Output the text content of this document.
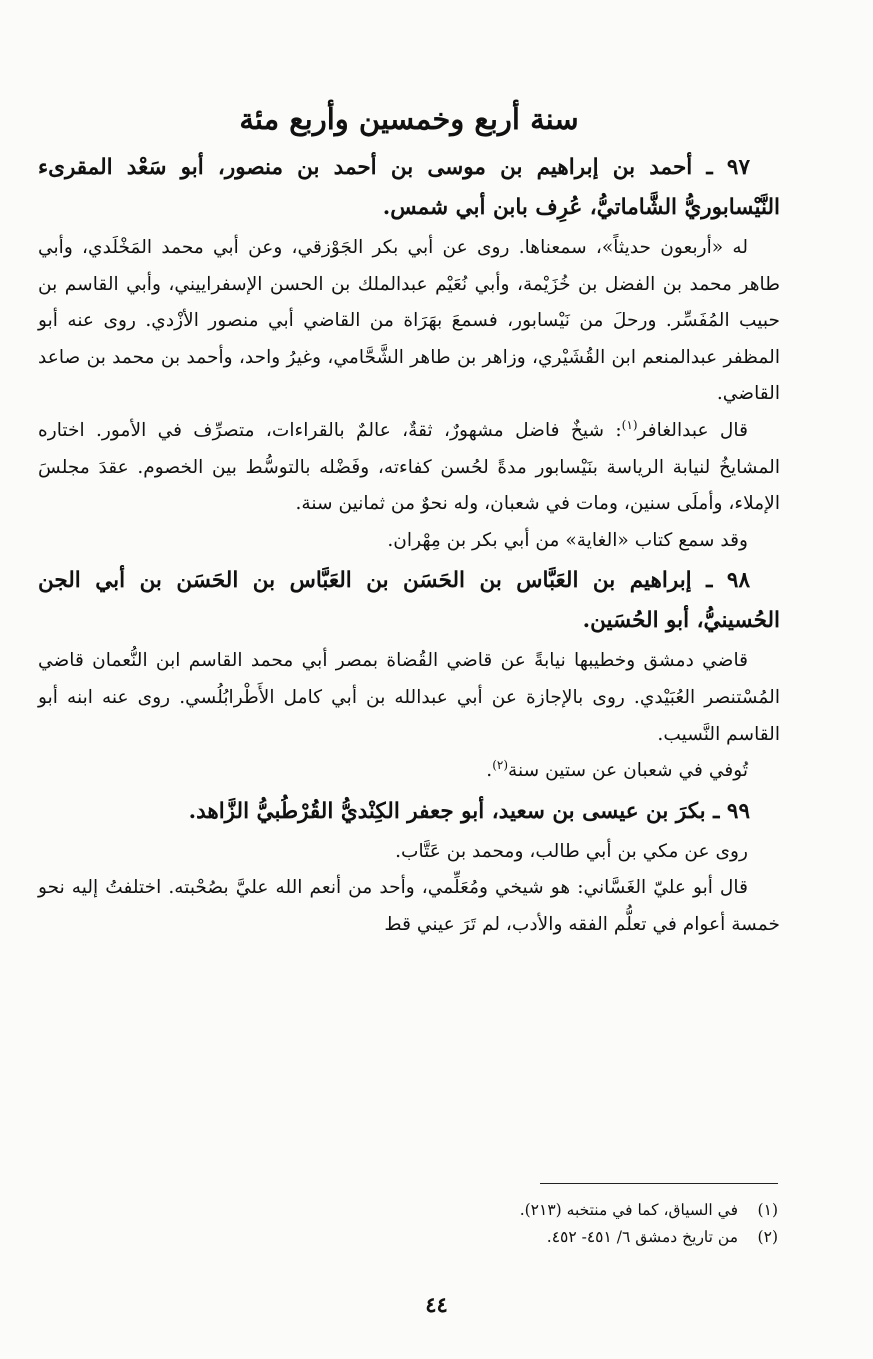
سنة أربع وخمسين وأربع مئة
٩٧ ـ أحمد بن إبراهيم بن موسى بن أحمد بن منصور، أبو سَعْد المقرىء النَّيْسابوريُّ الشَّاماتيُّ، عُرِف بابن أبي شمس.

له «أربعون حديثاً»، سمعناها. روى عن أبي بكر الجَوْزقي، وعن أبي محمد المَخْلَدي، وأبي طاهر محمد بن الفضل بن خُزَيْمة، وأبي نُعَيْم عبدالملك بن الحسن الإسفراييني، وأبي القاسم بن حبيب المُفَسِّر. ورحلَ من نَيْسابور، فسمعَ بهَرَاة من القاضي أبي منصور الأزْدي. روى عنه أبو المظفر عبدالمنعم ابن القُشَيْري، وزاهر بن طاهر الشَّحَّامي، وغيرُ واحد، وأحمد بن محمد بن صاعد القاضي.

قال عبدالغافر$^{(١)}$: شيخٌ فاضل مشهورٌ، ثقةٌ، عالمٌ بالقراءات، متصرِّف في الأمور. اختاره المشايخُ لنيابة الرياسة بنَيْسابور مدةً لحُسن كفاءته، وفَضْله بالتوسُّط بين الخصوم. عقدَ مجلسَ الإملاء، وأملَى سنين، ومات في شعبان، وله نحوٌ من ثمانين سنة.

وقد سمع كتاب «الغاية» من أبي بكر بن مِهْران.

٩٨ ـ إبراهيم بن العَبَّاس بن الحَسَن بن العَبَّاس بن الحَسَن بن أبي الجن الحُسينيُّ، أبو الحُسَين.

قاضي دمشق وخطيبها نيابةً عن قاضي القُضاة بمصر أبي محمد القاسم ابن النُّعمان قاضي المُسْتنصر العُبَيْدي. روى بالإجازة عن أبي عبدالله بن أبي كامل الأَطْرابُلُسي. روى عنه ابنه أبو القاسم النَّسيب.

تُوفي في شعبان عن ستين سنة$^{(٢)}$.

٩٩ ـ بكرَ بن عيسى بن سعيد، أبو جعفر الكِنْديُّ القُرْطُبيُّ الزَّاهد.

روى عن مكي بن أبي طالب، ومحمد بن عَتَّاب.

قال أبو عليّ الغَسَّاني: هو شيخي ومُعَلِّمي، وأحد من أنعم الله عليَّ بصُحْبته. اختلفتُ إليه نحو خمسة أعوام في تعلُّم الفقه والأدب، لم تَرَ عيني قط

(١)في السياق، كما في منتخبه (٢١٣).
(٢)من تاريخ دمشق ٦/ ٤٥١- ٤٥٢.
٤٤
